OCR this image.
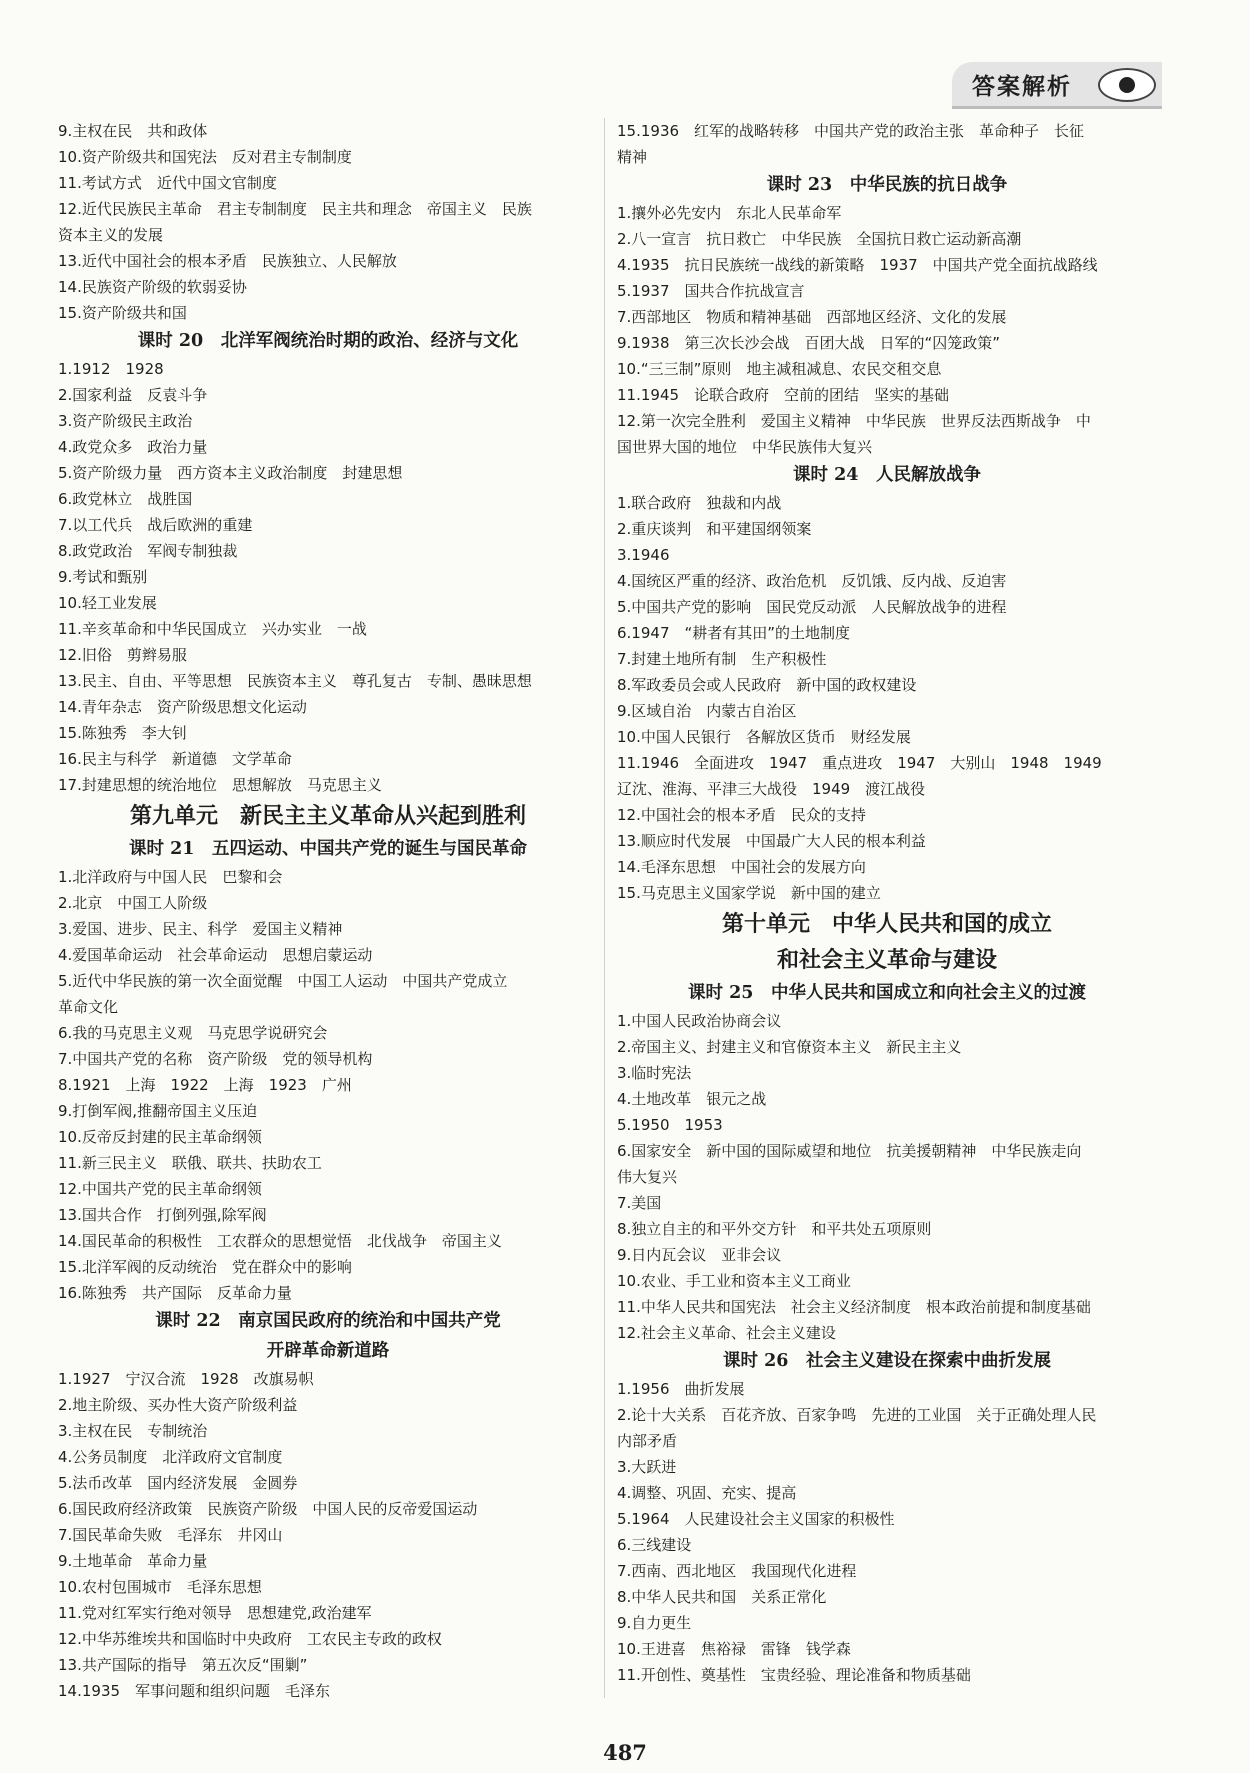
答案解析
9.主权在民　共和政体
10.资产阶级共和国宪法　反对君主专制制度
11.考试方式　近代中国文官制度
12.近代民族民主革命　君主专制制度　民主共和理念　帝国主义　民族
资本主义的发展
13.近代中国社会的根本矛盾　民族独立、人民解放
14.民族资产阶级的软弱妥协
15.资产阶级共和国
课时 20　北洋军阀统治时期的政治、经济与文化
1.1912　1928
2.国家利益　反袁斗争
3.资产阶级民主政治
4.政党众多　政治力量
5.资产阶级力量　西方资本主义政治制度　封建思想
6.政党林立　战胜国
7.以工代兵　战后欧洲的重建
8.政党政治　军阀专制独裁
9.考试和甄别
10.轻工业发展
11.辛亥革命和中华民国成立　兴办实业　一战
12.旧俗　剪辫易服
13.民主、自由、平等思想　民族资本主义　尊孔复古　专制、愚昧思想
14.青年杂志　资产阶级思想文化运动
15.陈独秀　李大钊
16.民主与科学　新道德　文学革命
17.封建思想的统治地位　思想解放　马克思主义
第九单元　新民主主义革命从兴起到胜利
课时 21　五四运动、中国共产党的诞生与国民革命
1.北洋政府与中国人民　巴黎和会
2.北京　中国工人阶级
3.爱国、进步、民主、科学　爱国主义精神
4.爱国革命运动　社会革命运动　思想启蒙运动
5.近代中华民族的第一次全面觉醒　中国工人运动　中国共产党成立
革命文化
6.我的马克思主义观　马克思学说研究会
7.中国共产党的名称　资产阶级　党的领导机构
8.1921　上海　1922　上海　1923　广州
9.打倒军阀,推翻帝国主义压迫
10.反帝反封建的民主革命纲领
11.新三民主义　联俄、联共、扶助农工
12.中国共产党的民主革命纲领
13.国共合作　打倒列强,除军阀
14.国民革命的积极性　工农群众的思想觉悟　北伐战争　帝国主义
15.北洋军阀的反动统治　党在群众中的影响
16.陈独秀　共产国际　反革命力量
课时 22　南京国民政府的统治和中国共产党
开辟革命新道路
1.1927　宁汉合流　1928　改旗易帜
2.地主阶级、买办性大资产阶级利益
3.主权在民　专制统治
4.公务员制度　北洋政府文官制度
5.法币改革　国内经济发展　金圆券
6.国民政府经济政策　民族资产阶级　中国人民的反帝爱国运动
7.国民革命失败　毛泽东　井冈山
9.土地革命　革命力量
10.农村包围城市　毛泽东思想
11.党对红军实行绝对领导　思想建党,政治建军
12.中华苏维埃共和国临时中央政府　工农民主专政的政权
13.共产国际的指导　第五次反“围剿”
14.1935　军事问题和组织问题　毛泽东
15.1936　红军的战略转移　中国共产党的政治主张　革命种子　长征
精神
课时 23　中华民族的抗日战争
1.攘外必先安内　东北人民革命军
2.八一宣言　抗日救亡　中华民族　全国抗日救亡运动新高潮
4.1935　抗日民族统一战线的新策略　1937　中国共产党全面抗战路线
5.1937　国共合作抗战宣言
7.西部地区　物质和精神基础　西部地区经济、文化的发展
9.1938　第三次长沙会战　百团大战　日军的“囚笼政策”
10.“三三制”原则　地主减租减息、农民交租交息
11.1945　论联合政府　空前的团结　坚实的基础
12.第一次完全胜利　爱国主义精神　中华民族　世界反法西斯战争　中
国世界大国的地位　中华民族伟大复兴
课时 24　人民解放战争
1.联合政府　独裁和内战
2.重庆谈判　和平建国纲领案
3.1946
4.国统区严重的经济、政治危机　反饥饿、反内战、反迫害
5.中国共产党的影响　国民党反动派　人民解放战争的进程
6.1947　“耕者有其田”的土地制度
7.封建土地所有制　生产积极性
8.军政委员会或人民政府　新中国的政权建设
9.区域自治　内蒙古自治区
10.中国人民银行　各解放区货币　财经发展
11.1946　全面进攻　1947　重点进攻　1947　大别山　1948　1949
辽沈、淮海、平津三大战役　1949　渡江战役
12.中国社会的根本矛盾　民众的支持
13.顺应时代发展　中国最广大人民的根本利益
14.毛泽东思想　中国社会的发展方向
15.马克思主义国家学说　新中国的建立
第十单元　中华人民共和国的成立
和社会主义革命与建设
课时 25　中华人民共和国成立和向社会主义的过渡
1.中国人民政治协商会议
2.帝国主义、封建主义和官僚资本主义　新民主主义
3.临时宪法
4.土地改革　银元之战
5.1950　1953
6.国家安全　新中国的国际威望和地位　抗美援朝精神　中华民族走向
伟大复兴
7.美国
8.独立自主的和平外交方针　和平共处五项原则
9.日内瓦会议　亚非会议
10.农业、手工业和资本主义工商业
11.中华人民共和国宪法　社会主义经济制度　根本政治前提和制度基础
12.社会主义革命、社会主义建设
课时 26　社会主义建设在探索中曲折发展
1.1956　曲折发展
2.论十大关系　百花齐放、百家争鸣　先进的工业国　关于正确处理人民
内部矛盾
3.大跃进
4.调整、巩固、充实、提高
5.1964　人民建设社会主义国家的积极性
6.三线建设
7.西南、西北地区　我国现代化进程
8.中华人民共和国　关系正常化
9.自力更生
10.王进喜　焦裕禄　雷锋　钱学森
11.开创性、奠基性　宝贵经验、理论准备和物质基础
487
